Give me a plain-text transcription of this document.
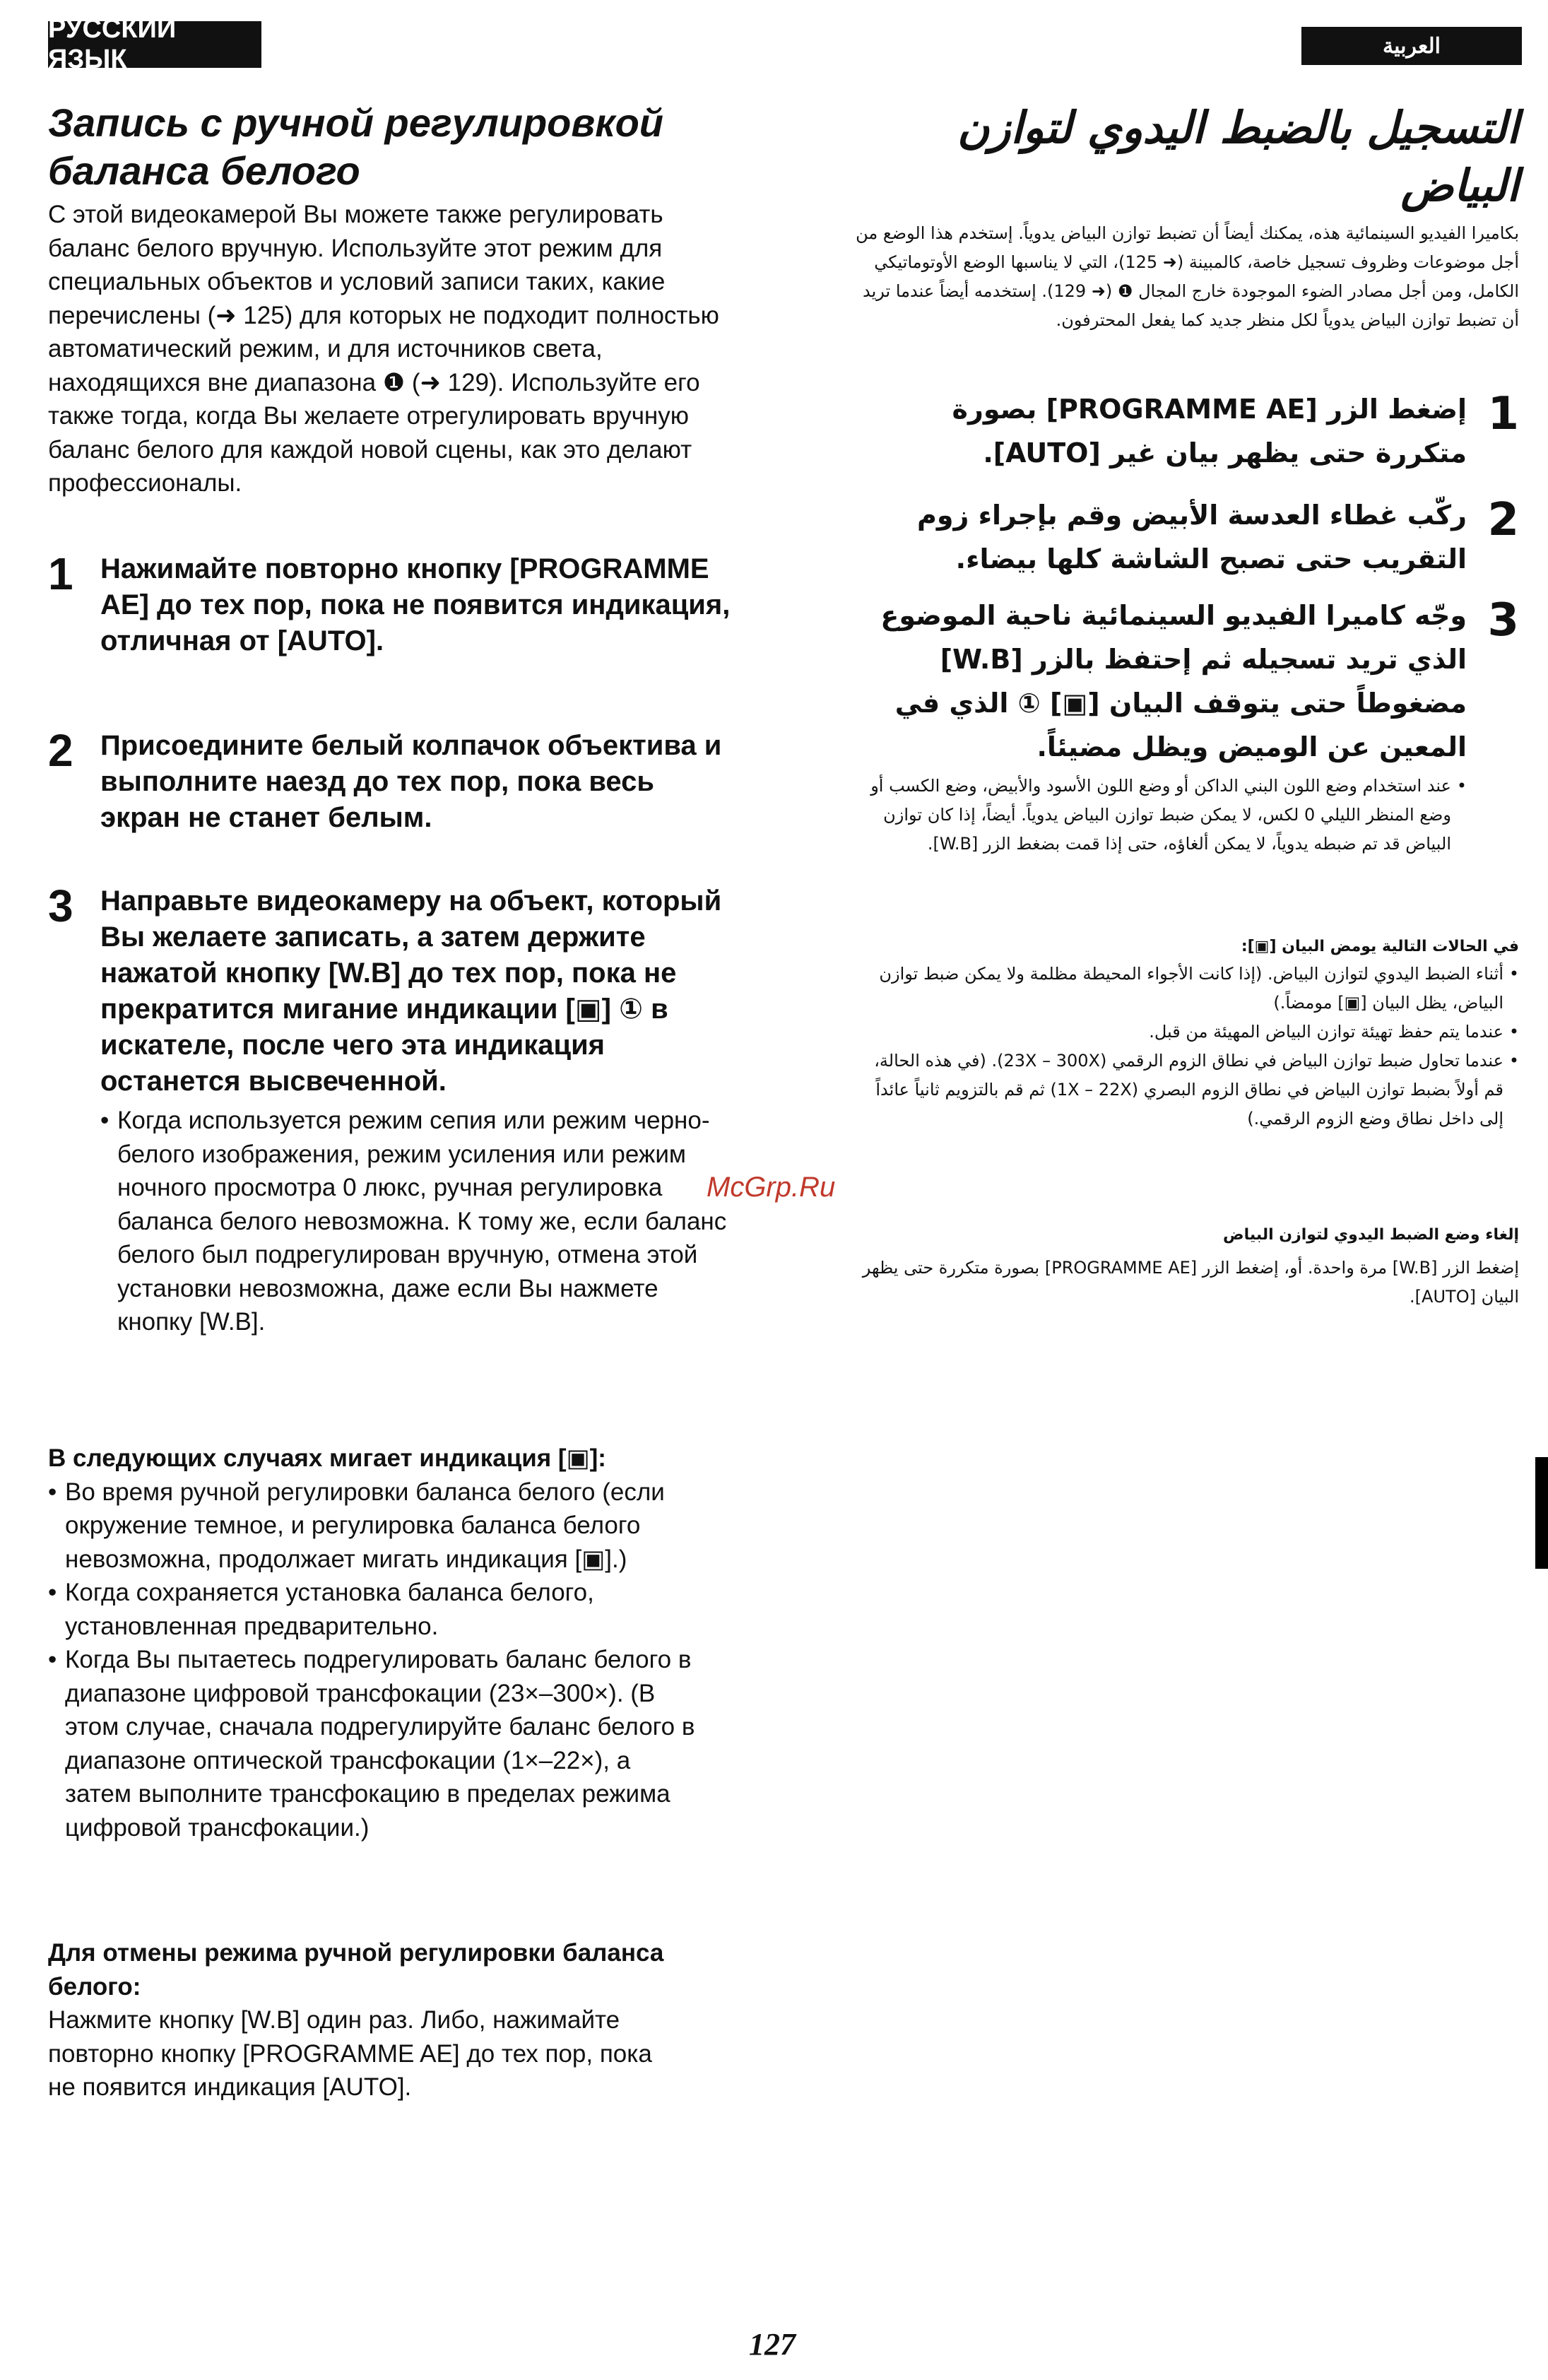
РУССКИЙ ЯЗЫК	العربية
Запись с ручной регулировкой
баланса белого

С этой видеокамерой Вы можете также регулировать баланс белого вручную. Используйте этот режим для специальных объектов и условий записи таких, какие перечислены (➜ 125) для которых не подходит полностью автоматический режим, и для источников света, находящихся вне диапазона ❶ (➜ 129). Используйте его также тогда, когда Вы желаете отрегулировать вручную баланс белого для каждой новой сцены, как это делают профессионалы.

1 Нажимайте повторно кнопку [PROGRAMME AE] до тех пор, пока не появится индикация, отличная от [AUTO].
2 Присоедините белый колпачок объектива и выполните наезд до тех пор, пока весь экран не станет белым.
3 Направьте видеокамеру на объект, который Вы желаете записать, а затем держите нажатой кнопку [W.B] до тех пор, пока не прекратится мигание индикации [▣] ① в искателе, после чего эта индикация останется высвеченной.
• Когда используется режим сепия или режим черно-белого изображения, режим усиления или режим ночного просмотра 0 люкс, ручная регулировка баланса белого невозможна. К тому же, если баланс белого был подрегулирован вручную, отмена этой установки невозможна, даже если Вы нажмете кнопку [W.B].
В следующих случаях мигает индикация [▣]:
• Во время ручной регулировки баланса белого (если окружение темное, и регулировка баланса белого невозможна, продолжает мигать индикация [▣].)
• Когда сохраняется установка баланса белого, установленная предварительно.
• Когда Вы пытаетесь подрегулировать баланс белого в диапазоне цифровой трансфокации (23×–300×). (В этом случае, сначала подрегулируйте баланс белого в диапазоне оптической трансфокации (1×–22×), а затем выполните трансфокацию в пределах режима цифровой трансфокации.)
Для отмены режима ручной регулировки баланса белого:
Нажмите кнопку [W.B] один раз. Либо, нажимайте повторно кнопку [PROGRAMME AE] до тех пор, пока не появится индикация [AUTO].
التسجيل بالضبط اليدوي لتوازن
البياض

بكاميرا الفيديو السينمائية هذه، يمكنك أيضاً أن تضبط توازن البياض يدوياً. إستخدم هذا الوضع من أجل موضوعات وظروف تسجيل خاصة، كالمبينة (➜ 125)، التي لا يناسبها الوضع الأوتوماتيكي الكامل، ومن أجل مصادر الضوء الموجودة خارج المجال ❶ (➜ 129). إستخدمه أيضاً عندما تريد أن تضبط توازن البياض يدوياً لكل منظر جديد كما يفعل المحترفون.

1
إضغط الزر [PROGRAMME AE] بصورة متكررة حتى يظهر بيان غير [AUTO].
2
ركّب غطاء العدسة الأبيض وقم بإجراء زوم التقريب حتى تصبح الشاشة كلها بيضاء.
3
وجّه كاميرا الفيديو السينمائية ناحية الموضوع الذي تريد تسجيله ثم إحتفظ بالزر [W.B] مضغوطاً حتى يتوقف البيان [▣] ① الذي في المعين عن الوميض ويظل مضيئاً.
• عند استخدام وضع اللون البني الداكن أو وضع اللون الأسود والأبيض، وضع الكسب أو وضع المنظر الليلي 0 لكس، لا يمكن ضبط توازن البياض يدوياً. أيضاً، إذا كان توازن البياض قد تم ضبطه يدوياً، لا يمكن ألغاؤه، حتى إذا قمت بضغط الزر [W.B].
في الحالات التالية يومض البيان [▣]:
• أثناء الضبط اليدوي لتوازن البياض. (إذا كانت الأجواء المحيطة مظلمة ولا يمكن ضبط توازن البياض، يظل البيان [▣] مومضاً.)
• عندما يتم حفظ تهيئة توازن البياض المهيئة من قبل.
• عندما تحاول ضبط توازن البياض في نطاق الزوم الرقمي (23X – 300X). (في هذه الحالة، قم أولاً بضبط توازن البياض في نطاق الزوم البصري (1X – 22X) ثم قم بالتزويم ثانياً عائداً إلى داخل نطاق وضع الزوم الرقمي.)
إلغاء وضع الضبط اليدوي لتوازن البياض
إضغط الزر [W.B] مرة واحدة. أو، إضغط الزر [PROGRAMME AE] بصورة متكررة حتى يظهر البيان [AUTO].
McGrp.Ru
127
